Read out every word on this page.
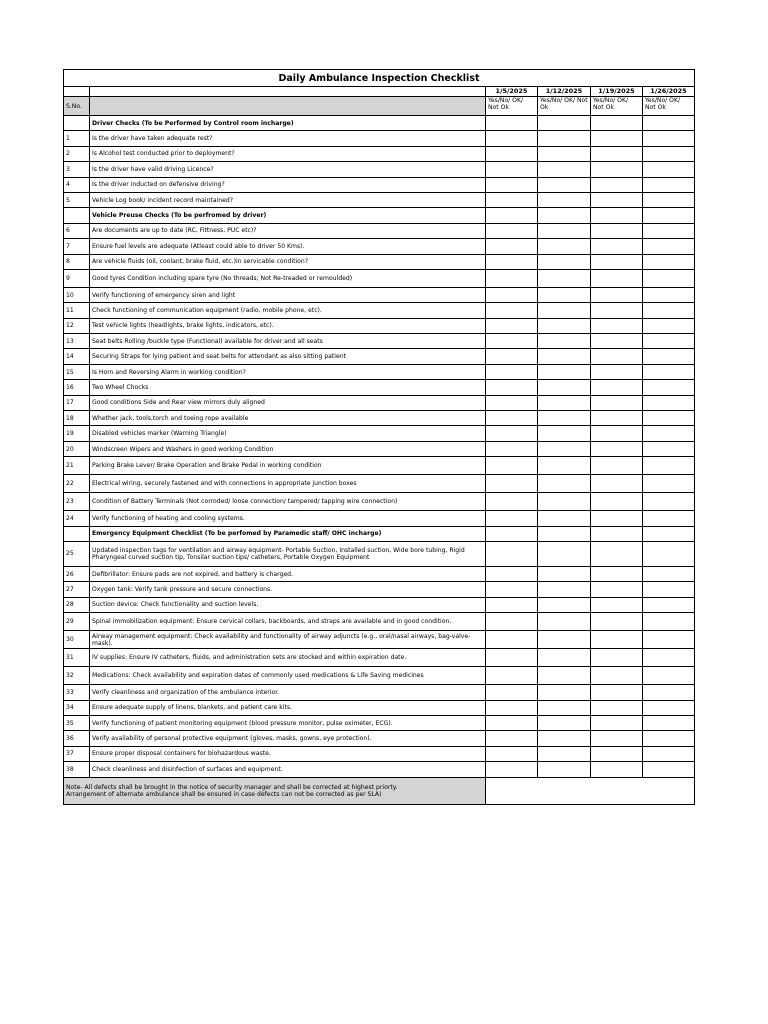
Daily Ambulance Inspection Checklist					
		1/5/2025	1/12/2025	1/19/2025	1/26/2025
S.No.		Yes/No/ OK/ Not Ok	Yes/No/ OK/ Not Ok	Yes/No/ OK/ Not Ok	Yes/No/ OK/ Not Ok
	Driver Checks (To be Performed by Control room incharge)				
1	Is the driver have taken adequate rest?				
2	Is Alcohol test conducted prior to deployment?				
3	Is the driver have valid driving Licence?				
4	Is the driver inducted on defensive driving?				
5	Vehicle Log book/ incident record maintained?				
	Vehicle Preuse Checks (To be perfromed by driver)				
6	Are documents are up to date (RC, Fittness, PUC etc)?				
7	Ensure fuel levels are adequate (Atleast could able to driver 50 Kms).				
8	Are vehicle fluids (oil, coolant, brake fluid, etc.)in servicable condition?				
9	Good tyres Condition including spare tyre (No threads; Not Re-treaded or remoulded)				
10	Verify functioning of emergency siren and light				
11	Check functioning of communication equipment (radio, mobile phone, etc).				
12	Test vehicle lights (headlights, brake lights, indicators, etc).				
13	Seat belts Rolling /buckle type (Functional) available for driver and all seats				
14	Securing Straps for lying patient and seat belts for attendant as also sitting patient				
15	Is Horn and Reversing Alarm in working condition?				
16	Two Wheel Chocks				
17	Good conditions Side and Rear view mirrors duly aligned				
18	Whether jack, tools,torch and toeing rope available				
19	Disabled vehicles marker (Warning Triangle)				
20	Windscreen Wipers and Washers in good working Condition				
21	Parking Brake Lever/ Brake Operation and Brake Pedal in working condition				
22	Electrical wiring, securely fastened and with connections in appropriate junction boxes				
23	Condition of Battery Terminals (Not corroded/ loose connection/ tampered/ tapping wire connection)				
24	Verify functioning of heating and cooling systems.				
	Emergency Equipment Checklist (To be perfomed by Paramedic staff/ OHC incharge)				
25	Updated inspection tags for ventilation and airway equipment- Portable Suction, Installed suction, Wide bore tubing, Rigid Pharyngeal curved suction tip, Tonsilar suction tips/ catheters, Portable Oxygen Equipment				
26	Defibrillator: Ensure pads are not expired, and battery is charged.				
27	Oxygen tank: Verify tank pressure and secure connections.				
28	Suction device: Check functionality and suction levels.				
29	Spinal immobilization equipment: Ensure cervical collars, backboards, and straps are available and in good condition.				
30	Airway management equipment: Check availability and functionality of airway adjuncts (e.g., oral/nasal airways, bag-valve-mask).				
31	IV supplies: Ensure IV catheters, fluids, and administration sets are stocked and within expiration date.				
32	Medications: Check availability and expiration dates of commonly used medications & Life Saving medicines				
33	Verify cleanliness and organization of the ambulance interior.				
34	Ensure adequate supply of linens, blankets, and patient care kits.				
35	Verify functioning of patient monitoring equipment (blood pressure monitor, pulse oximeter, ECG).				
36	Verify availability of personal protective equipment (gloves, masks, gowns, eye protection).				
37	Ensure proper disposal containers for biohazardous waste.				
38	Check cleanliness and disinfection of surfaces and equipment.				

Note- All defects shall be brought in the notice of security manager and shall be corrected at highest priorty.
Arrangement of alternate ambulance shall be ensured in case defects can not be corrected as per SLA)					
